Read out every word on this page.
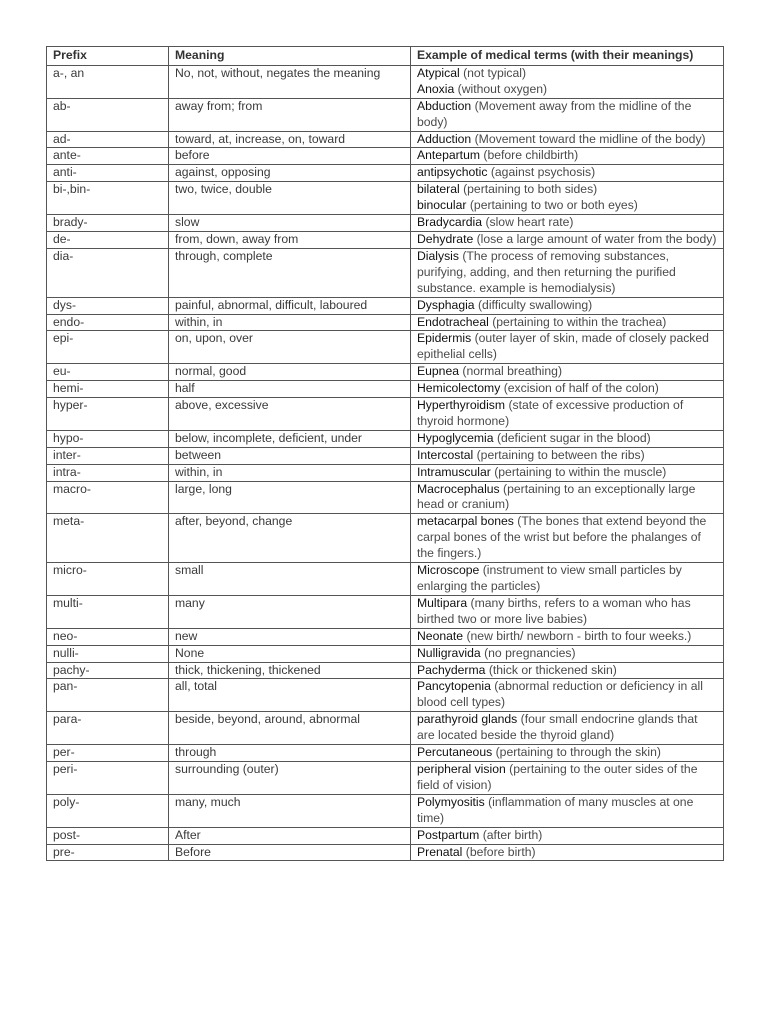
Prefix	Meaning	Example of medical terms (with their meanings)
a-, an	No, not, without, negates the meaning	Atypical (not typical)
Anoxia (without oxygen)

ab-	away from; from	Abduction (Movement away from the midline of the body)

ad-	toward, at, increase, on, toward	Adduction (Movement toward the midline of the body)

ante-	before	Antepartum (before childbirth)

anti-	against, opposing	antipsychotic (against psychosis)

bi-,bin-	two, twice, double	bilateral (pertaining to both sides)
binocular (pertaining to two or both eyes)

brady-	slow	Bradycardia (slow heart rate)

de-	from, down, away from	Dehydrate (lose a large amount of water from the body)

dia-	through, complete	Dialysis (The process of removing substances, purifying, adding, and then returning the purified substance. example is hemodialysis)

dys-	painful, abnormal, difficult, laboured	Dysphagia (difficulty swallowing)

endo-	within, in	Endotracheal (pertaining to within the trachea)

epi-	on, upon, over	Epidermis (outer layer of skin, made of closely packed epithelial cells)

eu-	normal, good	Eupnea (normal breathing)

hemi-	half	Hemicolectomy (excision of half of the colon)

hyper-	above, excessive	Hyperthyroidism (state of excessive production of thyroid hormone)

hypo-	below, incomplete, deficient, under	Hypoglycemia (deficient sugar in the blood)

inter-	between	Intercostal (pertaining to between the ribs)

intra-	within, in	Intramuscular (pertaining to within the muscle)

macro-	large, long	Macrocephalus (pertaining to an exceptionally large head or cranium)

meta-	after, beyond, change	metacarpal bones (The bones that extend beyond the carpal bones of the wrist but before the phalanges of the fingers.)

micro-	small	Microscope (instrument to view small particles by enlarging the particles)

multi-	many	Multipara (many births, refers to a woman who has birthed two or more live babies)

neo-	new	Neonate (new birth/ newborn - birth to four weeks.)

nulli-	None	Nulligravida (no pregnancies)

pachy-	thick, thickening, thickened	Pachyderma (thick or thickened skin)

pan-	all, total	Pancytopenia (abnormal reduction or deficiency in all blood cell types)

para-	beside, beyond, around, abnormal	parathyroid glands (four small endocrine glands that are located beside the thyroid gland)

per-	through	Percutaneous (pertaining to through the skin)

peri-	surrounding (outer)	peripheral vision (pertaining to the outer sides of the field of vision)

poly-	many, much	Polymyositis (inflammation of many muscles at one time)

post-	After	Postpartum (after birth)

pre-	Before	Prenatal (before birth)
